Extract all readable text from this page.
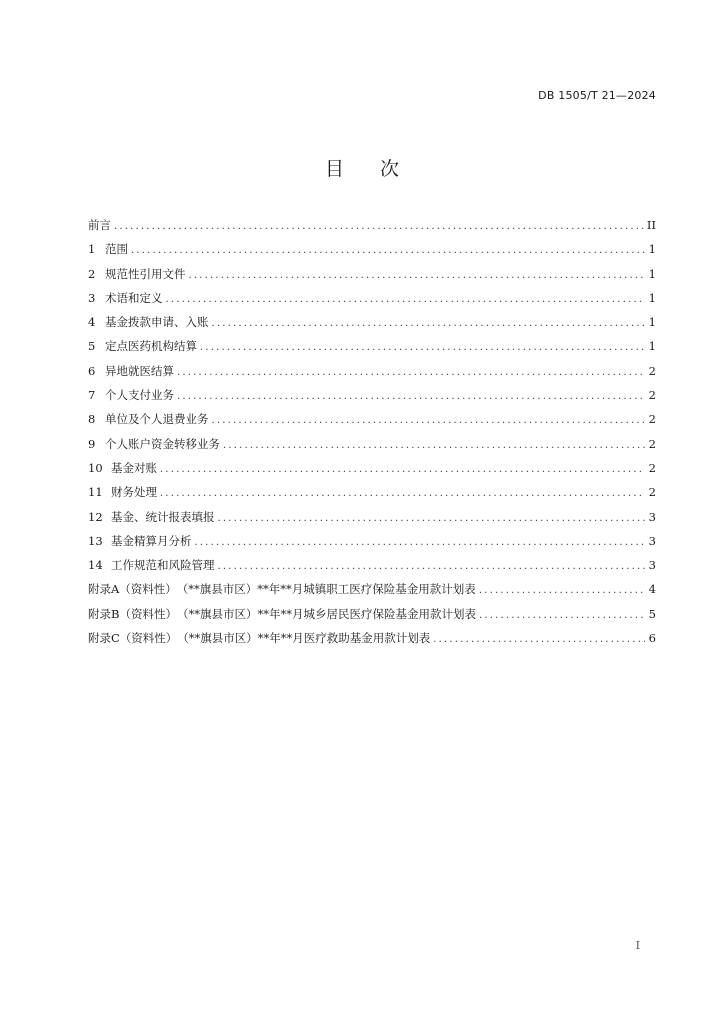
DB 1505/T 21—2024
目次
前言 .....	II
1 范围 .....	1
2 规范性引用文件 .....	1
3 术语和定义 .....	1
4 基金拨款申请、入账 .....	1
5 定点医药机构结算 .....	1
6 异地就医结算 .....	2
7 个人支付业务 .....	2
8 单位及个人退费业务 .....	2
9 个人账户资金转移业务 .....	2
10 基金对账 .....	2
11 财务处理 .....	2
12 基金、统计报表填报 .....	3
13 基金精算月分析 .....	3
14 工作规范和风险管理 .....	3
附录A（资料性）　（**旗县市区）**年**月城镇职工医疗保险基金用款计划表 .....	4
附录B（资料性）　（**旗县市区）**年**月城乡居民医疗保险基金用款计划表 .....	5
附录C（资料性）　（**旗县市区）**年**月医疗救助基金用款计划表 .....	6
I
